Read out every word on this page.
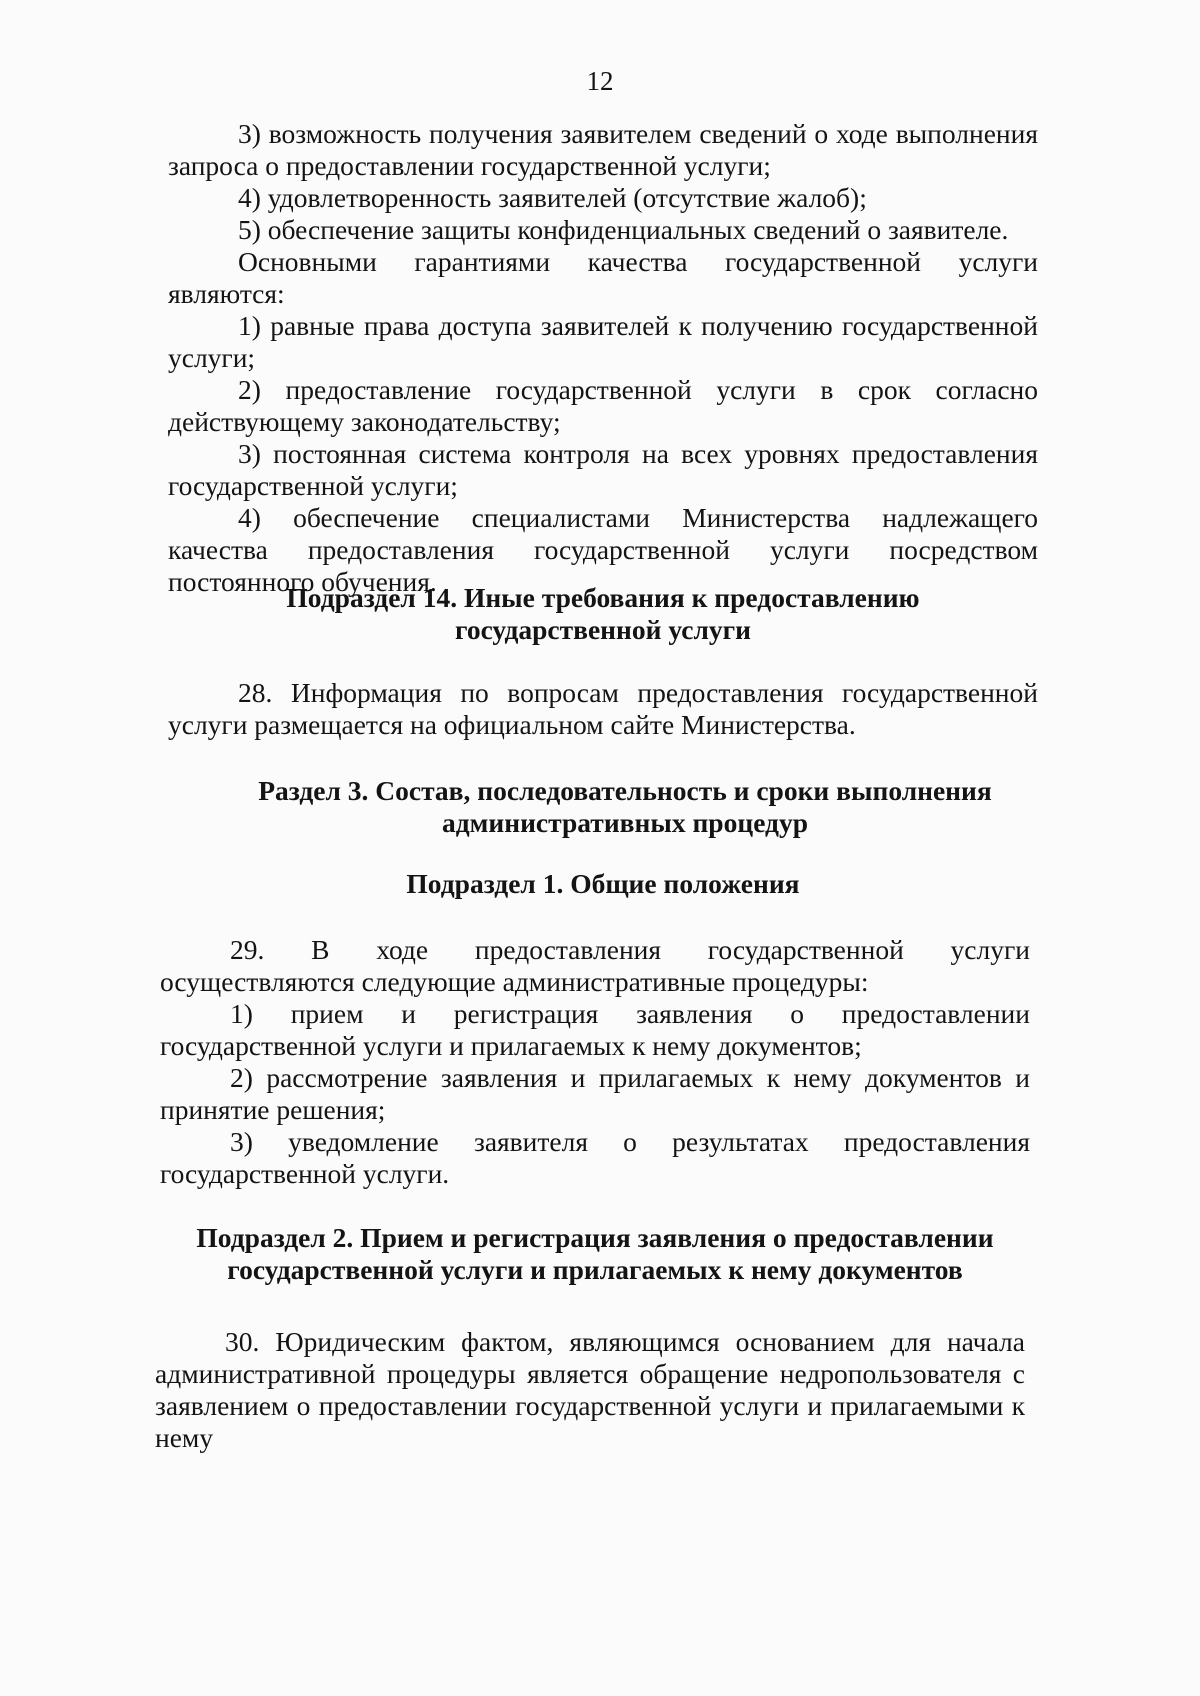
12

3) возможность получения заявителем сведений о ходе выполнения запроса о предоставлении государственной услуги;

4) удовлетворенность заявителей (отсутствие жалоб);

5) обеспечение защиты конфиденциальных сведений о заявителе.

Основными гарантиями качества государственной услуги являются:

1) равные права доступа заявителей к получению государственной услуги;

2) предоставление государственной услуги в срок согласно действующему законодательству;

3) постоянная система контроля на всех уровнях предоставления государственной услуги;

4) обеспечение специалистами Министерства надлежащего качества предоставления государственной услуги посредством постоянного обучения.

Подраздел 14. Иные требования к предоставлению государственной услуги

28. Информация по вопросам предоставления государственной услуги размещается на официальном сайте Министерства.

Раздел 3. Состав, последовательность и сроки выполнения административных процедур
Подраздел 1. Общие положения

29. В ходе предоставления государственной услуги осуществляются следующие административные процедуры:

1) прием и регистрация заявления о предоставлении государственной услуги и прилагаемых к нему документов;

2) рассмотрение заявления и прилагаемых к нему документов и принятие решения;

3) уведомление заявителя о результатах предоставления государственной услуги.

Подраздел 2. Прием и регистрация заявления о предоставлении государственной услуги и прилагаемых к нему документов

30. Юридическим фактом, являющимся основанием для начала административной процедуры является обращение недропользователя с заявлением о предоставлении государственной услуги и прилагаемыми к нему
